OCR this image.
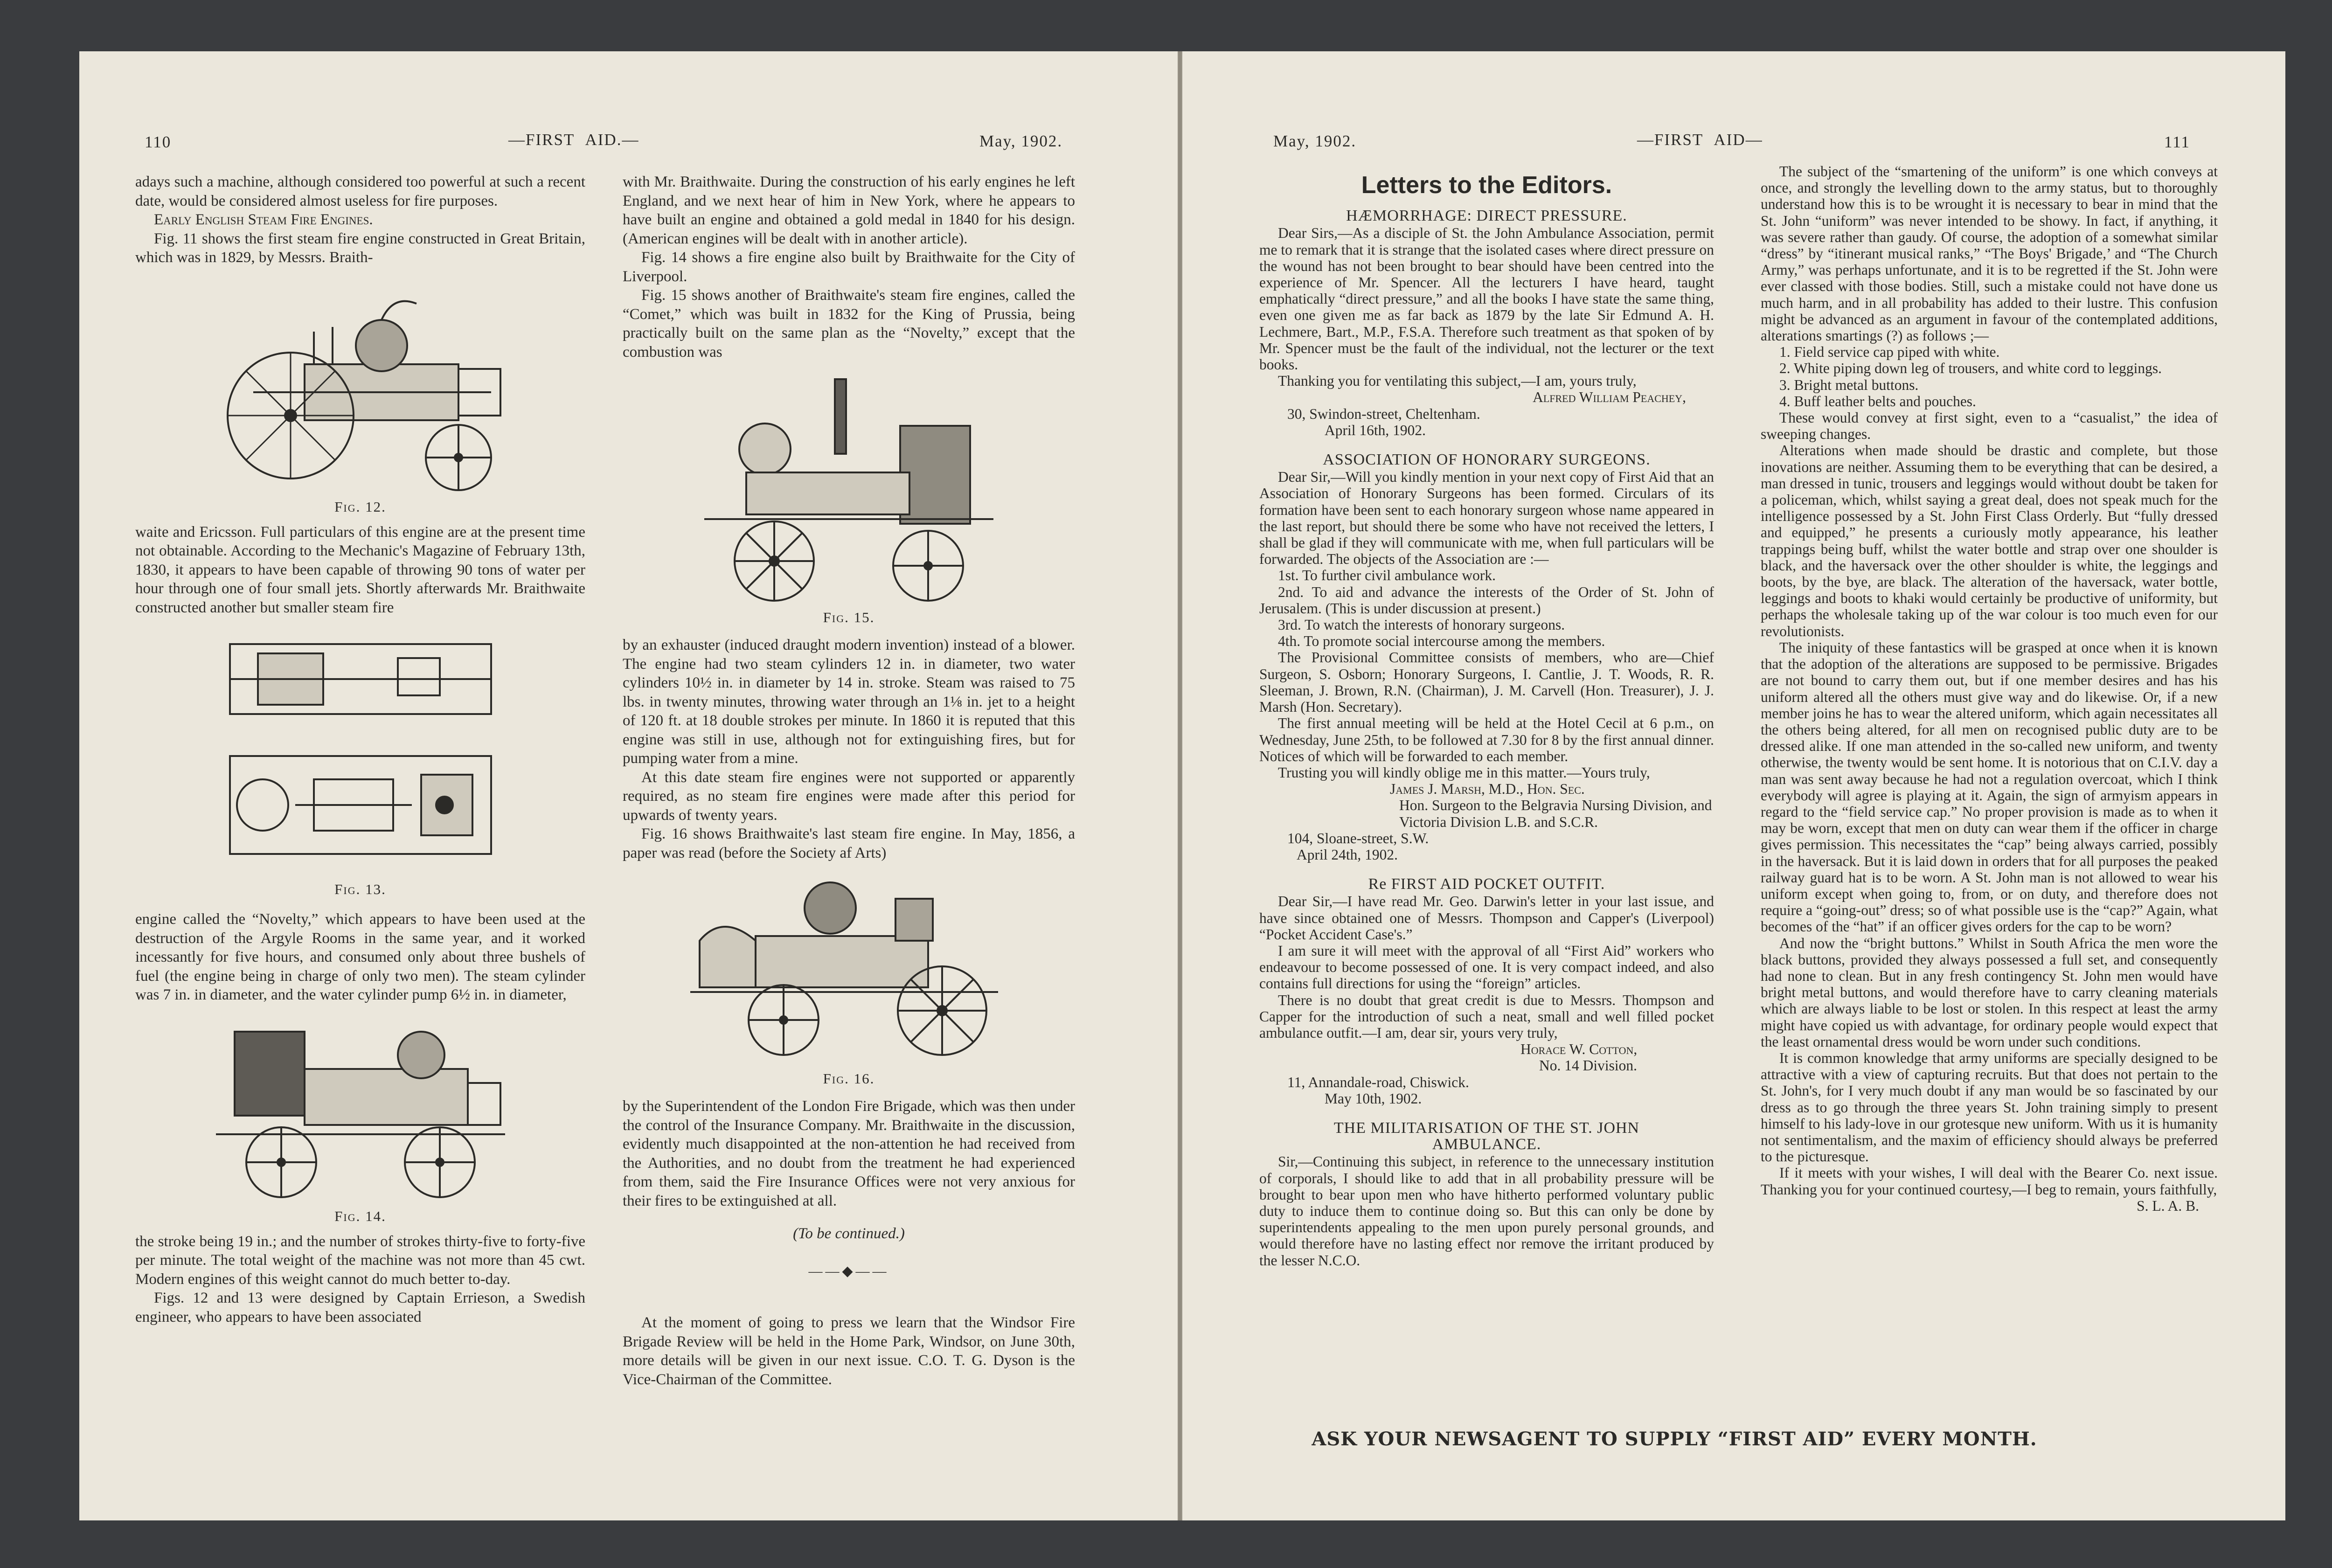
110	—FIRST AID.—	May, 1902.

adays such a machine, although considered too powerful at such a recent date, would be considered almost useless for fire purposes.

Early English Steam Fire Engines.

Fig. 11 shows the first steam fire engine constructed in Great Britain, which was in 1829, by Messrs. Braith-

Fig. 12.

waite and Ericsson. Full particulars of this engine are at the present time not obtainable. According to the Mechanic's Magazine of February 13th, 1830, it appears to have been capable of throwing 90 tons of water per hour through one of four small jets. Shortly afterwards Mr. Braithwaite constructed another but smaller steam fire

Fig. 13.

engine called the “Novelty,” which appears to have been used at the destruction of the Argyle Rooms in the same year, and it worked incessantly for five hours, and consumed only about three bushels of fuel (the engine being in charge of only two men). The steam cylinder was 7 in. in diameter, and the water cylinder pump 6½ in. in diameter,

Fig. 14.

the stroke being 19 in.; and the number of strokes thirty-five to forty-five per minute. The total weight of the machine was not more than 45 cwt. Modern engines of this weight cannot do much better to-day.

Figs. 12 and 13 were designed by Captain Errieson, a Swedish engineer, who appears to have been associated

with Mr. Braithwaite. During the construction of his early engines he left England, and we next hear of him in New York, where he appears to have built an engine and obtained a gold medal in 1840 for his design. (American engines will be dealt with in another article).

Fig. 14 shows a fire engine also built by Braithwaite for the City of Liverpool.

Fig. 15 shows another of Braithwaite's steam fire engines, called the “Comet,” which was built in 1832 for the King of Prussia, being practically built on the same plan as the “Novelty,” except that the combustion was

Fig. 15.

by an exhauster (induced draught modern invention) instead of a blower. The engine had two steam cylinders 12 in. in diameter, two water cylinders 10½ in. in diameter by 14 in. stroke. Steam was raised to 75 lbs. in twenty minutes, throwing water through an 1⅛ in. jet to a height of 120 ft. at 18 double strokes per minute. In 1860 it is reputed that this engine was still in use, although not for extinguishing fires, but for pumping water from a mine.

At this date steam fire engines were not supported or apparently required, as no steam fire engines were made after this period for upwards of twenty years.

Fig. 16 shows Braithwaite's last steam fire engine. In May, 1856, a paper was read (before the Society af Arts)

Fig. 16.

by the Superintendent of the London Fire Brigade, which was then under the control of the Insurance Company. Mr. Braithwaite in the discussion, evidently much disappointed at the non-attention he had received from the Authorities, and no doubt from the treatment he had experienced from them, said the Fire Insurance Offices were not very anxious for their fires to be extinguished at all.

(To be continued.)

——◆——

At the moment of going to press we learn that the Windsor Fire Brigade Review will be held in the Home Park, Windsor, on June 30th, more details will be given in our next issue. C.O. T. G. Dyson is the Vice-Chairman of the Committee.

May, 1902.	—FIRST AID—	111
Letters to the Editors.
HÆMORRHAGE: DIRECT PRESSURE.

Dear Sirs,—As a disciple of St. the John Ambulance Association, permit me to remark that it is strange that the isolated cases where direct pressure on the wound has not been brought to bear should have been centred into the experience of Mr. Spencer. All the lecturers I have heard, taught emphatically “direct pressure,” and all the books I have state the same thing, even one given me as far back as 1879 by the late Sir Edmund A. H. Lechmere, Bart., M.P., F.S.A. Therefore such treatment as that spoken of by Mr. Spencer must be the fault of the individual, not the lecturer or the text books.

Thanking you for ventilating this subject,—I am, yours truly,

Alfred William Peachey,

30, Swindon-street, Cheltenham.

April 16th, 1902.

ASSOCIATION OF HONORARY SURGEONS.

Dear Sir,—Will you kindly mention in your next copy of First Aid that an Association of Honorary Surgeons has been formed. Circulars of its formation have been sent to each honorary surgeon whose name appeared in the last report, but should there be some who have not received the letters, I shall be glad if they will communicate with me, when full particulars will be forwarded. The objects of the Association are :—

1st. To further civil ambulance work.

2nd. To aid and advance the interests of the Order of St. John of Jerusalem. (This is under discussion at present.)

3rd. To watch the interests of honorary surgeons.

4th. To promote social intercourse among the members.

The Provisional Committee consists of members, who are—Chief Surgeon, S. Osborn; Honorary Surgeons, I. Cantlie, J. T. Woods, R. R. Sleeman, J. Brown, R.N. (Chairman), J. M. Carvell (Hon. Treasurer), J. J. Marsh (Hon. Secretary).

The first annual meeting will be held at the Hotel Cecil at 6 p.m., on Wednesday, June 25th, to be followed at 7.30 for 8 by the first annual dinner. Notices of which will be forwarded to each member.

Trusting you will kindly oblige me in this matter.—Yours truly,

James J. Marsh, M.D., Hon. Sec.

Hon. Surgeon to the Belgravia Nursing Division, and Victoria Division L.B. and S.C.R.

104, Sloane-street, S.W.

April 24th, 1902.

Re FIRST AID POCKET OUTFIT.

Dear Sir,—I have read Mr. Geo. Darwin's letter in your last issue, and have since obtained one of Messrs. Thompson and Capper's (Liverpool) “Pocket Accident Case's.”

I am sure it will meet with the approval of all “First Aid” workers who endeavour to become possessed of one. It is very compact indeed, and also contains full directions for using the “foreign” articles.

There is no doubt that great credit is due to Messrs. Thompson and Capper for the introduction of such a neat, small and well filled pocket ambulance outfit.—I am, dear sir, yours very truly,

Horace W. Cotton,

No. 14 Division.

11, Annandale-road, Chiswick.

May 10th, 1902.

THE MILITARISATION OF THE ST. JOHN AMBULANCE.

Sir,—Continuing this subject, in reference to the unnecessary institution of corporals, I should like to add that in all probability pressure will be brought to bear upon men who have hitherto performed voluntary public duty to induce them to continue doing so. But this can only be done by superintendents appealing to the men upon purely personal grounds, and would therefore have no lasting effect nor remove the irritant produced by the lesser N.C.O.

The subject of the “smartening of the uniform” is one which conveys at once, and strongly the levelling down to the army status, but to thoroughly understand how this is to be wrought it is necessary to bear in mind that the St. John “uniform” was never intended to be showy. In fact, if anything, it was severe rather than gaudy. Of course, the adoption of a somewhat similar “dress” by “itinerant musical ranks,” “The Boys' Brigade,’ and “The Church Army,” was perhaps unfortunate, and it is to be regretted if the St. John were ever classed with those bodies. Still, such a mistake could not have done us much harm, and in all probability has added to their lustre. This confusion might be advanced as an argument in favour of the contemplated additions, alterations smartings (?) as follows ;—

1. Field service cap piped with white.

2. White piping down leg of trousers, and white cord to leggings.

3. Bright metal buttons.

4. Buff leather belts and pouches.

These would convey at first sight, even to a “casualist,” the idea of sweeping changes.

Alterations when made should be drastic and complete, but those inovations are neither. Assuming them to be everything that can be desired, a man dressed in tunic, trousers and leggings would without doubt be taken for a policeman, which, whilst saying a great deal, does not speak much for the intelligence possessed by a St. John First Class Orderly. But “fully dressed and equipped,” he presents a curiously motly appearance, his leather trappings being buff, whilst the water bottle and strap over one shoulder is black, and the haversack over the other shoulder is white, the leggings and boots, by the bye, are black. The alteration of the haversack, water bottle, leggings and boots to khaki would certainly be productive of uniformity, but perhaps the wholesale taking up of the war colour is too much even for our revolutionists.

The iniquity of these fantastics will be grasped at once when it is known that the adoption of the alterations are supposed to be permissive. Brigades are not bound to carry them out, but if one member desires and has his uniform altered all the others must give way and do likewise. Or, if a new member joins he has to wear the altered uniform, which again necessitates all the others being altered, for all men on recognised public duty are to be dressed alike. If one man attended in the so-called new uniform, and twenty otherwise, the twenty would be sent home. It is notorious that on C.I.V. day a man was sent away because he had not a regulation overcoat, which I think everybody will agree is playing at it. Again, the sign of armyism appears in regard to the “field service cap.” No proper provision is made as to when it may be worn, except that men on duty can wear them if the officer in charge gives permission. This necessitates the “cap” being always carried, possibly in the haversack. But it is laid down in orders that for all purposes the peaked railway guard hat is to be worn. A St. John man is not allowed to wear his uniform except when going to, from, or on duty, and therefore does not require a “going-out” dress; so of what possible use is the “cap?” Again, what becomes of the “hat” if an officer gives orders for the cap to be worn?

And now the “bright buttons.” Whilst in South Africa the men wore the black buttons, provided they always possessed a full set, and consequently had none to clean. But in any fresh contingency St. John men would have bright metal buttons, and would therefore have to carry cleaning materials which are always liable to be lost or stolen. In this respect at least the army might have copied us with advantage, for ordinary people would expect that the least ornamental dress would be worn under such conditions.

It is common knowledge that army uniforms are specially designed to be attractive with a view of capturing recruits. But that does not pertain to the St. John's, for I very much doubt if any man would be so fascinated by our dress as to go through the three years St. John training simply to present himself to his lady-love in our grotesque new uniform. With us it is humanity not sentimentalism, and the maxim of efficiency should always be preferred to the picturesque.

If it meets with your wishes, I will deal with the Bearer Co. next issue. Thanking you for your continued courtesy,—I beg to remain, yours faithfully,

S. L. A. B.

ASK YOUR NEWSAGENT TO SUPPLY “FIRST AID” EVERY MONTH.
